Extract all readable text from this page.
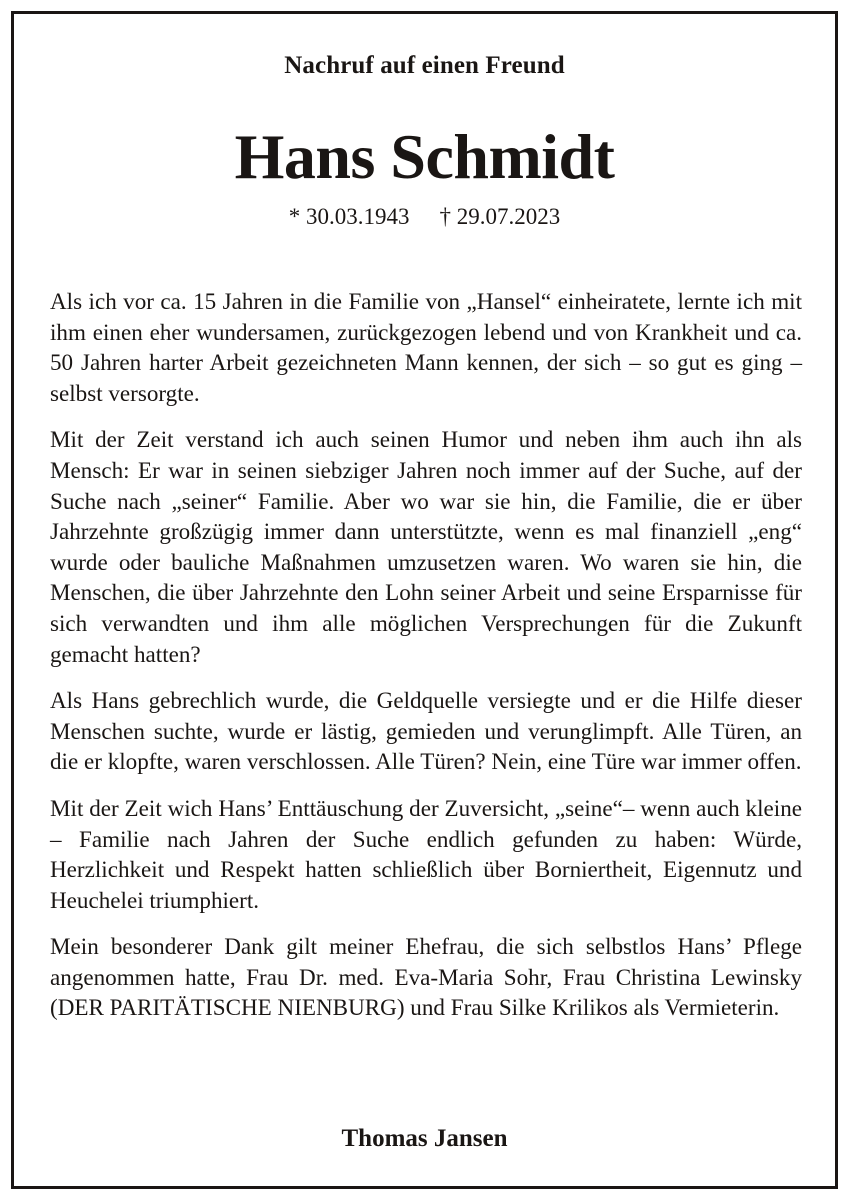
Nachruf auf einen Freund
Hans Schmidt
* 30.03.1943 † 29.07.2023

Als ich vor ca. 15 Jahren in die Familie von „Hansel“ einheiratete, lernte ich mit ihm einen eher wundersamen, zurückgezogen lebend und von Krankheit und ca. 50 Jahren harter Arbeit gezeichneten Mann kennen, der sich – so gut es ging – selbst versorgte.

Mit der Zeit verstand ich auch seinen Humor und neben ihm auch ihn als Mensch: Er war in seinen siebziger Jahren noch immer auf der Suche, auf der Suche nach „seiner“ Familie. Aber wo war sie hin, die Familie, die er über Jahrzehnte großzügig immer dann unterstützte, wenn es mal finanziell „eng“ wurde oder bauliche Maßnahmen umzusetzen waren. Wo waren sie hin, die Menschen, die über Jahrzehnte den Lohn seiner Arbeit und seine Ersparnisse für sich verwandten und ihm alle möglichen Versprechungen für die Zukunft gemacht hatten?

Als Hans gebrechlich wurde, die Geldquelle versiegte und er die Hilfe dieser Menschen suchte, wurde er lästig, gemieden und verunglimpft. Alle Türen, an die er klopfte, waren verschlossen. Alle Türen? Nein, eine Türe war immer offen.

Mit der Zeit wich Hans’ Enttäuschung der Zuversicht, „seine“– wenn auch kleine – Familie nach Jahren der Suche endlich gefunden zu haben: Würde, Herzlichkeit und Respekt hatten schließlich über Borniertheit, Eigennutz und Heuchelei triumphiert.

Mein besonderer Dank gilt meiner Ehefrau, die sich selbstlos Hans’ Pflege angenommen hatte, Frau Dr. med. Eva-Maria Sohr, Frau Christina Lewinsky (DER PARITÄTISCHE NIENBURG) und Frau Silke Krilikos als Vermieterin.

Thomas Jansen
